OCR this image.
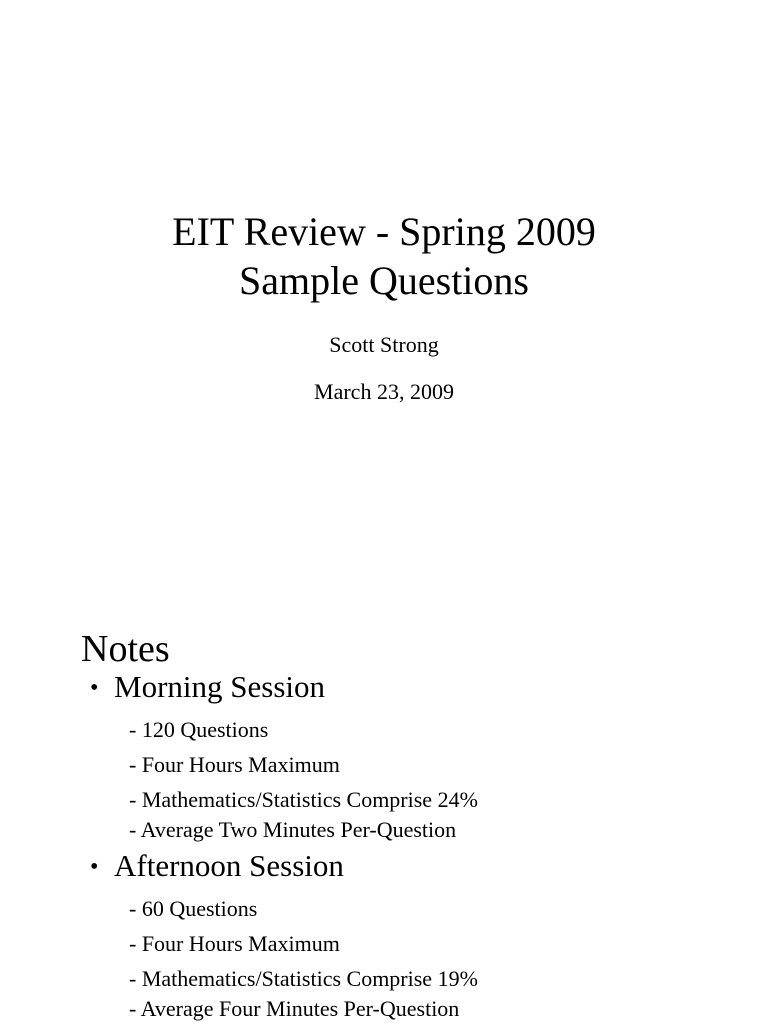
EIT Review - Spring 2009
Sample Questions
Scott Strong
March 23, 2009
Notes
• Morning Session
- 120 Questions
- Four Hours Maximum
- Mathematics/Statistics Comprise 24%
- Average Two Minutes Per-Question
• Afternoon Session
- 60 Questions
- Four Hours Maximum
- Mathematics/Statistics Comprise 19%
- Average Four Minutes Per-Question
